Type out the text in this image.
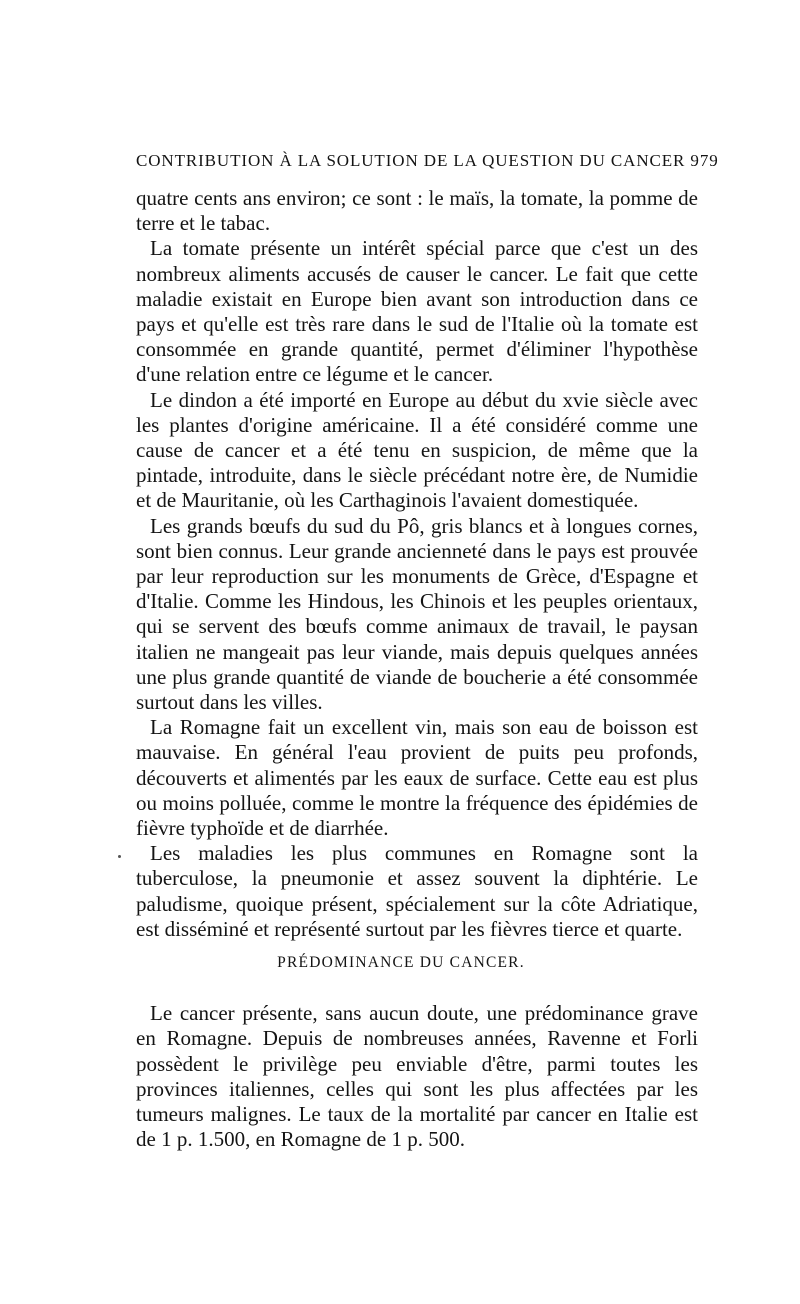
CONTRIBUTION À LA SOLUTION DE LA QUESTION DU CANCER 979

quatre cents ans environ; ce sont : le maïs, la tomate, la pomme de terre et le tabac.

La tomate présente un intérêt spécial parce que c'est un des nombreux aliments accusés de causer le cancer. Le fait que cette maladie existait en Europe bien avant son introduction dans ce pays et qu'elle est très rare dans le sud de l'Italie où la tomate est consommée en grande quantité, permet d'éliminer l'hypothèse d'une relation entre ce légume et le cancer.

Le dindon a été importé en Europe au début du xvie siècle avec les plantes d'origine américaine. Il a été considéré comme une cause de cancer et a été tenu en suspicion, de même que la pintade, introduite, dans le siècle précédant notre ère, de Numidie et de Mauritanie, où les Carthaginois l'avaient domestiquée.

Les grands bœufs du sud du Pô, gris blancs et à longues cornes, sont bien connus. Leur grande ancienneté dans le pays est prouvée par leur reproduction sur les monuments de Grèce, d'Espagne et d'Italie. Comme les Hindous, les Chinois et les peuples orientaux, qui se servent des bœufs comme animaux de travail, le paysan italien ne mangeait pas leur viande, mais depuis quelques années une plus grande quantité de viande de boucherie a été consommée surtout dans les villes.

La Romagne fait un excellent vin, mais son eau de boisson est mauvaise. En général l'eau provient de puits peu profonds, découverts et alimentés par les eaux de surface. Cette eau est plus ou moins polluée, comme le montre la fréquence des épidémies de fièvre typhoïde et de diarrhée.

Les maladies les plus communes en Romagne sont la tuberculose, la pneumonie et assez souvent la diphtérie. Le paludisme, quoique présent, spécialement sur la côte Adriatique, est disséminé et représenté surtout par les fièvres tierce et quarte.

PRÉDOMINANCE DU CANCER.

Le cancer présente, sans aucun doute, une prédominance grave en Romagne. Depuis de nombreuses années, Ravenne et Forli possèdent le privilège peu enviable d'être, parmi toutes les provinces italiennes, celles qui sont les plus affectées par les tumeurs malignes. Le taux de la mortalité par cancer en Italie est de 1 p. 1.500, en Romagne de 1 p. 500.
